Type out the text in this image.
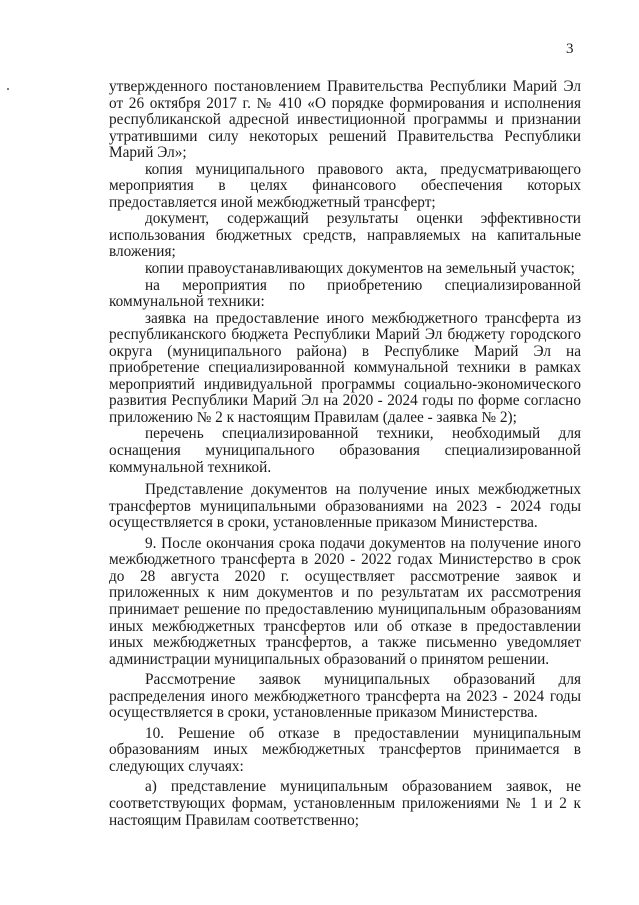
3

утвержденного постановлением Правительства Республики Марий Эл от 26 октября 2017 г. № 410 «О порядке формирования и исполнения республиканской адресной инвестиционной программы и признании утратившими силу некоторых решений Правительства Республики Марий Эл»;

копия муниципального правового акта, предусматривающего мероприятия в целях финансового обеспечения которых предоставляется иной межбюджетный трансферт;

документ, содержащий результаты оценки эффективности использования бюджетных средств, направляемых на капитальные вложения;

копии правоустанавливающих документов на земельный участок;

на мероприятия по приобретению специализированной коммунальной техники:

заявка на предоставление иного межбюджетного трансферта из республиканского бюджета Республики Марий Эл бюджету городского округа (муниципального района) в Республике Марий Эл на приобретение специализированной коммунальной техники в рамках мероприятий индивидуальной программы социально-экономического развития Республики Марий Эл на 2020 - 2024 годы по форме согласно приложению № 2 к настоящим Правилам (далее - заявка № 2);

перечень специализированной техники, необходимый для оснащения муниципального образования специализированной коммунальной техникой.

Представление документов на получение иных межбюджетных трансфертов муниципальными образованиями на 2023 - 2024 годы осуществляется в сроки, установленные приказом Министерства.

9. После окончания срока подачи документов на получение иного межбюджетного трансферта в 2020 - 2022 годах Министерство в срок до 28 августа 2020 г. осуществляет рассмотрение заявок и приложенных к ним документов и по результатам их рассмотрения принимает решение по предоставлению муниципальным образованиям иных межбюджетных трансфертов или об отказе в предоставлении иных межбюджетных трансфертов, а также письменно уведомляет администрации муниципальных образований о принятом решении.

Рассмотрение заявок муниципальных образований для распределения иного межбюджетного трансферта на 2023 - 2024 годы осуществляется в сроки, установленные приказом Министерства.

10. Решение об отказе в предоставлении муниципальным образованиям иных межбюджетных трансфертов принимается в следующих случаях:

а) представление муниципальным образованием заявок, не соответствующих формам, установленным приложениями № 1 и 2 к настоящим Правилам соответственно;
